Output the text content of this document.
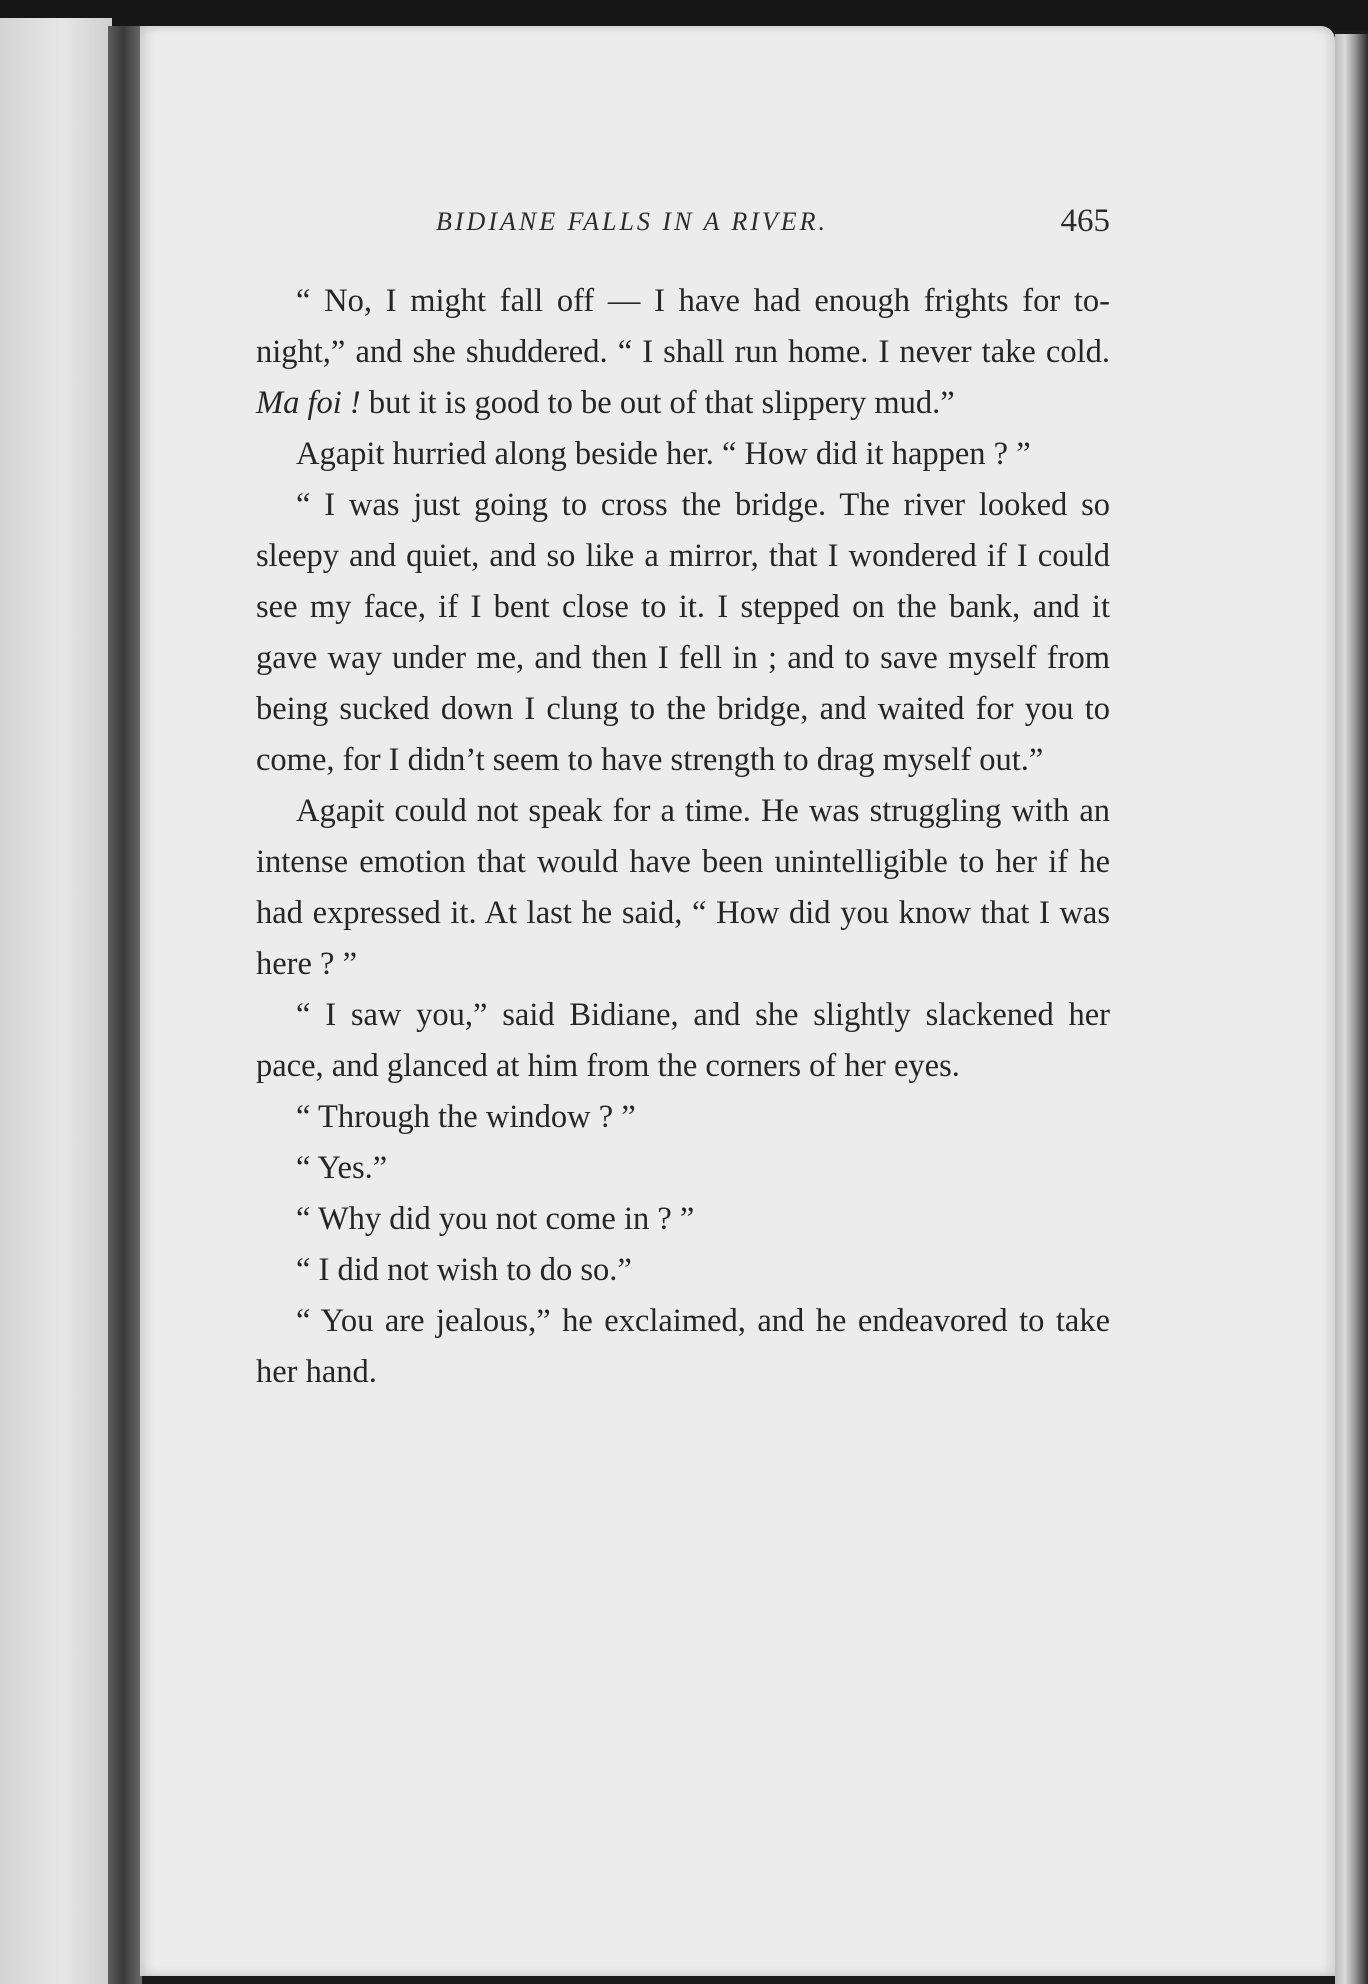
BIDIANE FALLS IN A RIVER.	465

“ No, I might fall off — I have had enough frights for to-night,” and she shuddered. “ I shall run home. I never take cold. Ma foi ! but it is good to be out of that slippery mud.”

Agapit hurried along beside her. “ How did it happen ? ”

“ I was just going to cross the bridge. The river looked so sleepy and quiet, and so like a mirror, that I wondered if I could see my face, if I bent close to it. I stepped on the bank, and it gave way under me, and then I fell in ; and to save myself from being sucked down I clung to the bridge, and waited for you to come, for I didn’t seem to have strength to drag myself out.”

Agapit could not speak for a time. He was struggling with an intense emotion that would have been unintelligible to her if he had expressed it. At last he said, “ How did you know that I was here ? ”

“ I saw you,” said Bidiane, and she slightly slackened her pace, and glanced at him from the corners of her eyes.

“ Through the window ? ”

“ Yes.”

“ Why did you not come in ? ”

“ I did not wish to do so.”

“ You are jealous,” he exclaimed, and he endeavored to take her hand.
